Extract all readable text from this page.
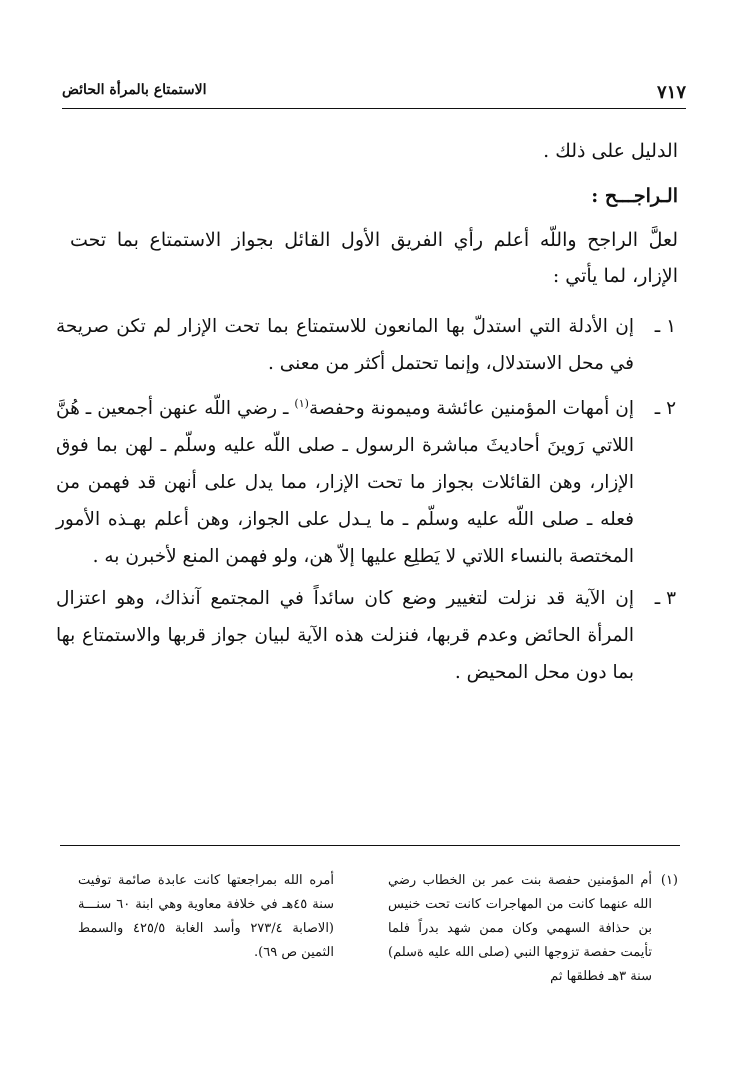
٧١٧
الاستمتاع بالمرأة الحائض
الدليل على ذلك .
الـراجـــح :
لعلَّ الراجح واللّه أعلم رأي الفريق الأول القائل بجواز الاستمتاع بما تحت الإزار، لما يأتي :
١ ـ
إن الأدلة التي استدلّ بها المانعون للاستمتاع بما تحت الإزار لم تكن صريحة في محل الاستدلال، وإنما تحتمل أكثر من معنى .
٢ ـ
إن أمهات المؤمنين عائشة وميمونة وحفصة$^{(١)}$ ـ رضي اللّه عنهن أجمعين ـ هُنَّ اللاتي رَوينَ أحاديثَ مباشرة الرسول ـ صلى اللّه عليه وسلّم ـ لهن بما فوق الإزار، وهن القائلات بجواز ما تحت الإزار، مما يدل على أنهن قد فهمن من فعله ـ صلى اللّه عليه وسلّم ـ ما يـدل على الجواز، وهن أعلم بهـذه الأمور المختصة بالنساء اللاتي لا يَطلِع عليها إلاّ هن، ولو فهمن المنع لأخبرن به .
٣ ـ
إن الآية قد نزلت لتغيير وضع كان سائداً في المجتمع آنذاك، وهو اعتزال المرأة الحائض وعدم قربها، فنزلت هذه الآية لبيان جواز قربها والاستمتاع بها بما دون محل المحيض .
(١)
أم المؤمنين حفصة بنت عمر بن الخطاب رضي الله عنهما كانت من المهاجرات كانت تحت خنيس بن حذافة السهمي وكان ممن شهد بدراً فلما تأيمت حفصة تزوجها النبي (صلى الله عليه ةسلم) سنة ٣هـ فطلقها ثم
أمره الله بمراجعتها كانت عابدة صائمة توفيت سنة ٤٥هـ في خلافة معاوية وهي ابنة ٦٠ سنـــة (الاصابة ٢٧٣/٤ وأسد الغابة ٤٢٥/٥ والسمط الثمين ص ٦٩).
